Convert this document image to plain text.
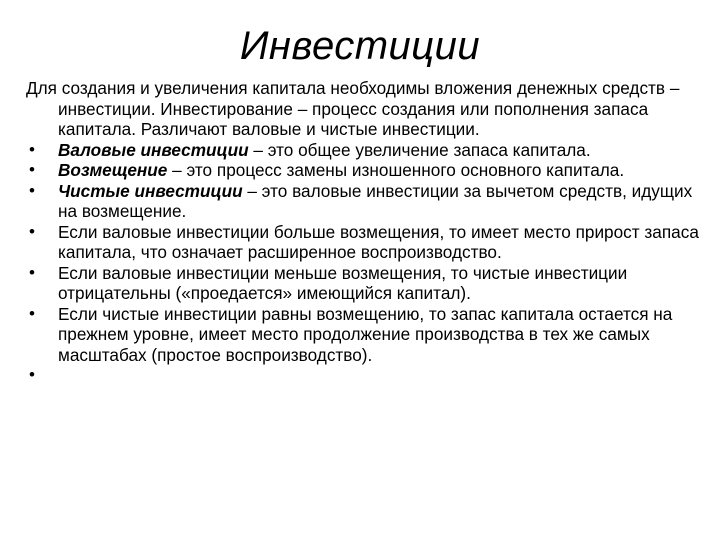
Инвестиции

Для создания и увеличения капитала необходимы вложения денежных средств – инвестиции. Инвестирование – процесс создания или пополнения запаса капитала. Различают валовые и чистые инвестиции.

• Валовые инвестиции – это общее увеличение запаса капитала.
• Возмещение – это процесс замены изношенного основного капитала.
• Чистые инвестиции – это валовые инвестиции за вычетом средств, идущих на возмещение.
• Если валовые инвестиции больше возмещения, то имеет место прирост запаса капитала, что означает расширенное воспроизводство.
• Если валовые инвестиции меньше возмещения, то чистые инвестиции отрицательны («проедается» имеющийся капитал).
• Если чистые инвестиции равны возмещению, то запас капитала остается на прежнем уровне, имеет место продолжение производства в тех же самых масштабах (простое воспроизводство).
•
